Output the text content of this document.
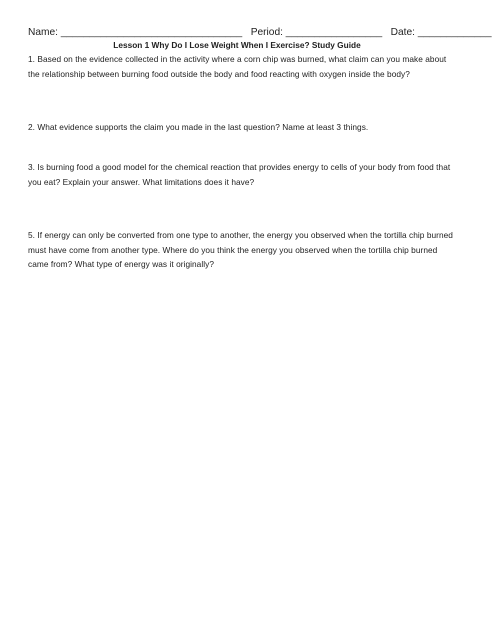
Name: ________________________________ Period: _________________ Date: _____________
Lesson 1 Why Do I Lose Weight When I Exercise? Study Guide
1. Based on the evidence collected in the activity where a corn chip was burned, what claim can you make about the relationship between burning food outside the body and food reacting with oxygen inside the body?
2. What evidence supports the claim you made in the last question? Name at least 3 things.
3. Is burning food a good model for the chemical reaction that provides energy to cells of your body from food that you eat? Explain your answer. What limitations does it have?
5. If energy can only be converted from one type to another, the energy you observed when the tortilla chip burned must have come from another type. Where do you think the energy you observed when the tortilla chip burned came from? What type of energy was it originally?
